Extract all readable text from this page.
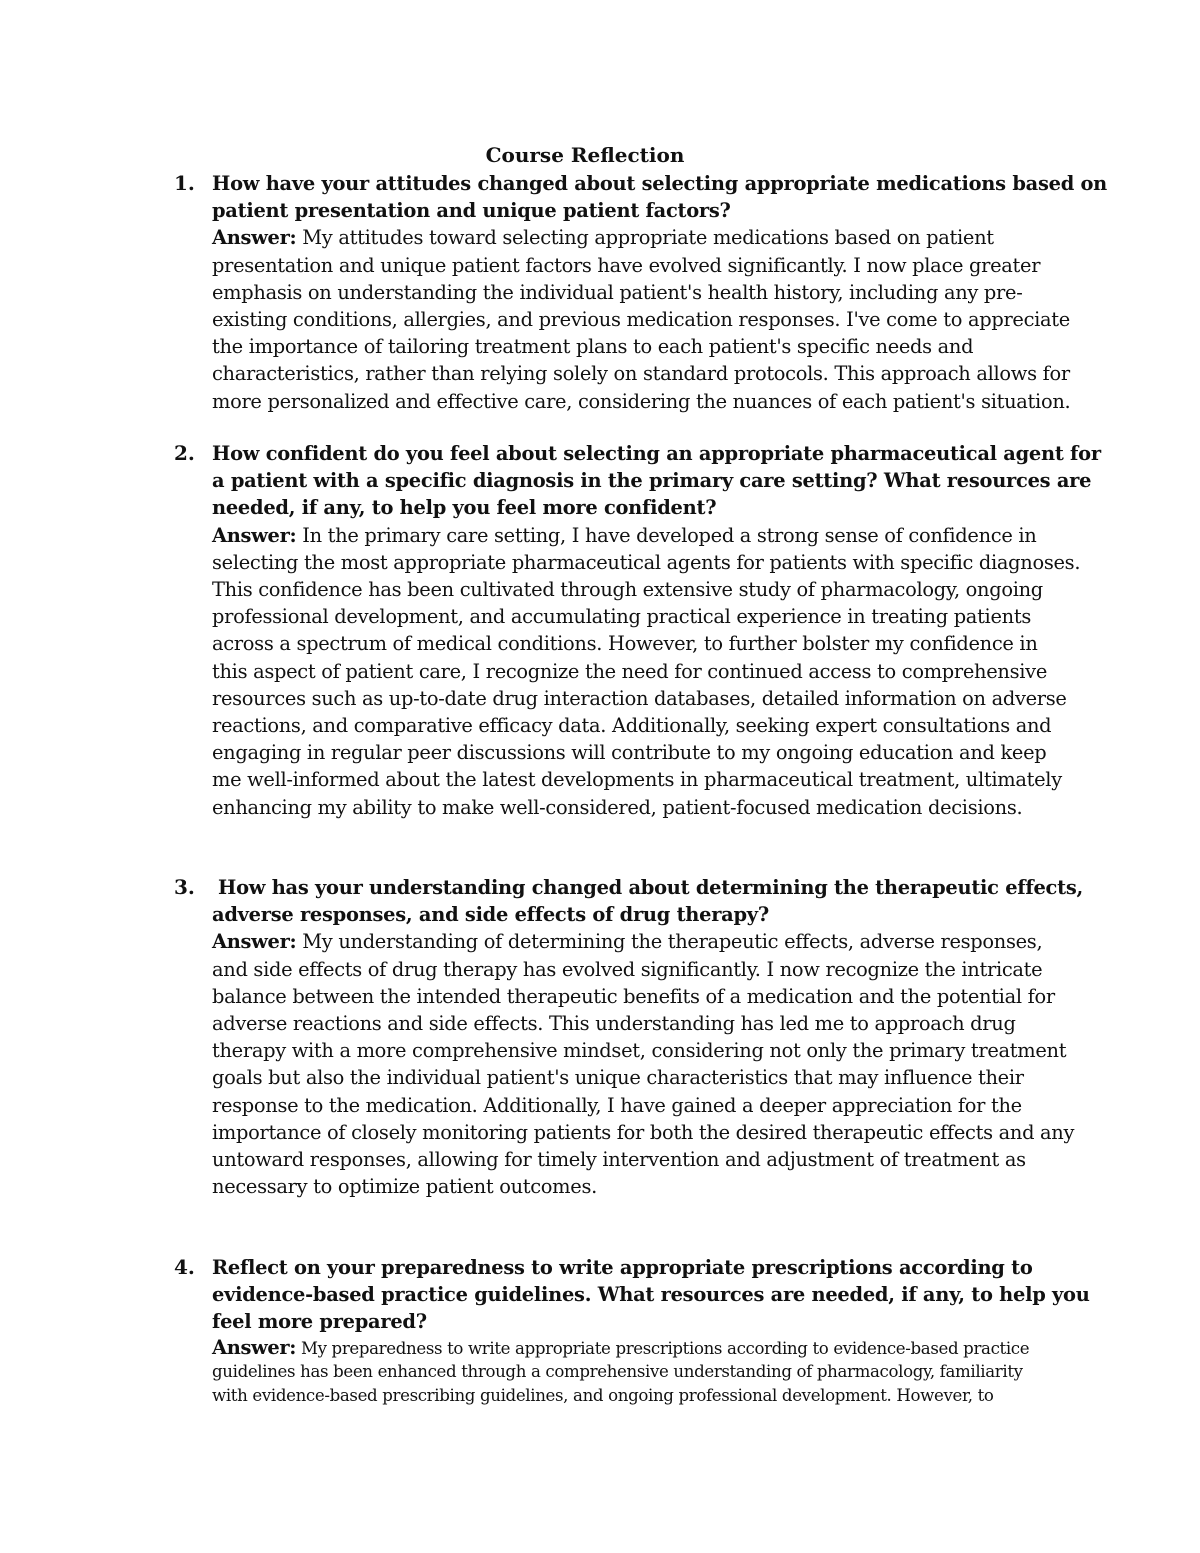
Course Reflection
1. How have your attitudes changed about selecting appropriate medications based on
patient presentation and unique patient factors?
Answer: My attitudes toward selecting appropriate medications based on patient
presentation and unique patient factors have evolved significantly. I now place greater
emphasis on understanding the individual patient's health history, including any pre-
existing conditions, allergies, and previous medication responses. I've come to appreciate
the importance of tailoring treatment plans to each patient's specific needs and
characteristics, rather than relying solely on standard protocols. This approach allows for
more personalized and effective care, considering the nuances of each patient's situation.
2. How confident do you feel about selecting an appropriate pharmaceutical agent for
a patient with a specific diagnosis in the primary care setting? What resources are
needed, if any, to help you feel more confident?
Answer: In the primary care setting, I have developed a strong sense of confidence in
selecting the most appropriate pharmaceutical agents for patients with specific diagnoses.
This confidence has been cultivated through extensive study of pharmacology, ongoing
professional development, and accumulating practical experience in treating patients
across a spectrum of medical conditions. However, to further bolster my confidence in
this aspect of patient care, I recognize the need for continued access to comprehensive
resources such as up-to-date drug interaction databases, detailed information on adverse
reactions, and comparative efficacy data. Additionally, seeking expert consultations and
engaging in regular peer discussions will contribute to my ongoing education and keep
me well-informed about the latest developments in pharmaceutical treatment, ultimately
enhancing my ability to make well-considered, patient-focused medication decisions.
3. How has your understanding changed about determining the therapeutic effects,
adverse responses, and side effects of drug therapy?
Answer: My understanding of determining the therapeutic effects, adverse responses,
and side effects of drug therapy has evolved significantly. I now recognize the intricate
balance between the intended therapeutic benefits of a medication and the potential for
adverse reactions and side effects. This understanding has led me to approach drug
therapy with a more comprehensive mindset, considering not only the primary treatment
goals but also the individual patient's unique characteristics that may influence their
response to the medication. Additionally, I have gained a deeper appreciation for the
importance of closely monitoring patients for both the desired therapeutic effects and any
untoward responses, allowing for timely intervention and adjustment of treatment as
necessary to optimize patient outcomes.
4. Reflect on your preparedness to write appropriate prescriptions according to
evidence-based practice guidelines. What resources are needed, if any, to help you
feel more prepared?
Answer: My preparedness to write appropriate prescriptions according to evidence-based practice
guidelines has been enhanced through a comprehensive understanding of pharmacology, familiarity
with evidence-based prescribing guidelines, and ongoing professional development. However, to
